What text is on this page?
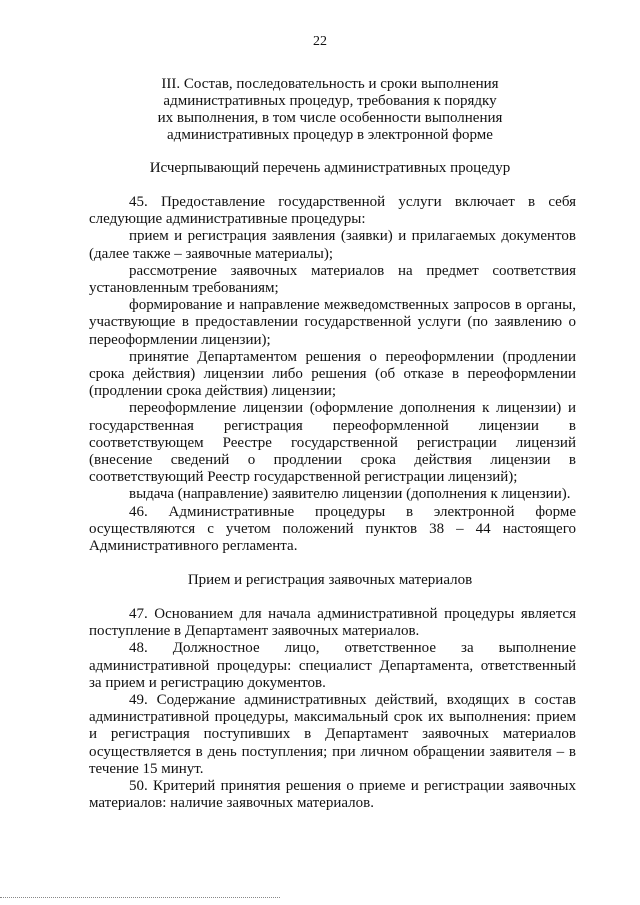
22
III. Состав, последовательность и сроки выполнения
административных процедур, требования к порядку
их выполнения, в том числе особенности выполнения
административных процедур в электронной форме
Исчерпывающий перечень административных процедур

45. Предоставление государственной услуги включает в себя следующие административные процедуры:

прием и регистрация заявления (заявки) и прилагаемых документов (далее также – заявочные материалы);

рассмотрение заявочных материалов на предмет соответствия установленным требованиям;

формирование и направление межведомственных запросов в органы, участвующие в предоставлении государственной услуги (по заявлению о переоформлении лицензии);

принятие Департаментом решения о переоформлении (продлении срока действия) лицензии либо решения (об отказе в переоформлении (продлении срока действия) лицензии;

переоформление лицензии (оформление дополнения к лицензии) и государственная регистрация переоформленной лицензии в соответствующем Реестре государственной регистрации лицензий (внесение сведений о продлении срока действия лицензии в соответствующий Реестр государственной регистрации лицензий);

выдача (направление) заявителю лицензии (дополнения к лицензии).

46. Административные процедуры в электронной форме осуществляются с учетом положений пунктов 38 – 44 настоящего Административного регламента.

Прием и регистрация заявочных материалов

47. Основанием для начала административной процедуры является поступление в Департамент заявочных материалов.

48. Должностное лицо, ответственное за выполнение административной процедуры: специалист Департамента, ответственный за прием и регистрацию документов.

49. Содержание административных действий, входящих в состав административной процедуры, максимальный срок их выполнения: прием и регистрация поступивших в Департамент заявочных материалов осуществляется в день поступления; при личном обращении заявителя – в течение 15 минут.

50. Критерий принятия решения о приеме и регистрации заявочных материалов: наличие заявочных материалов.
